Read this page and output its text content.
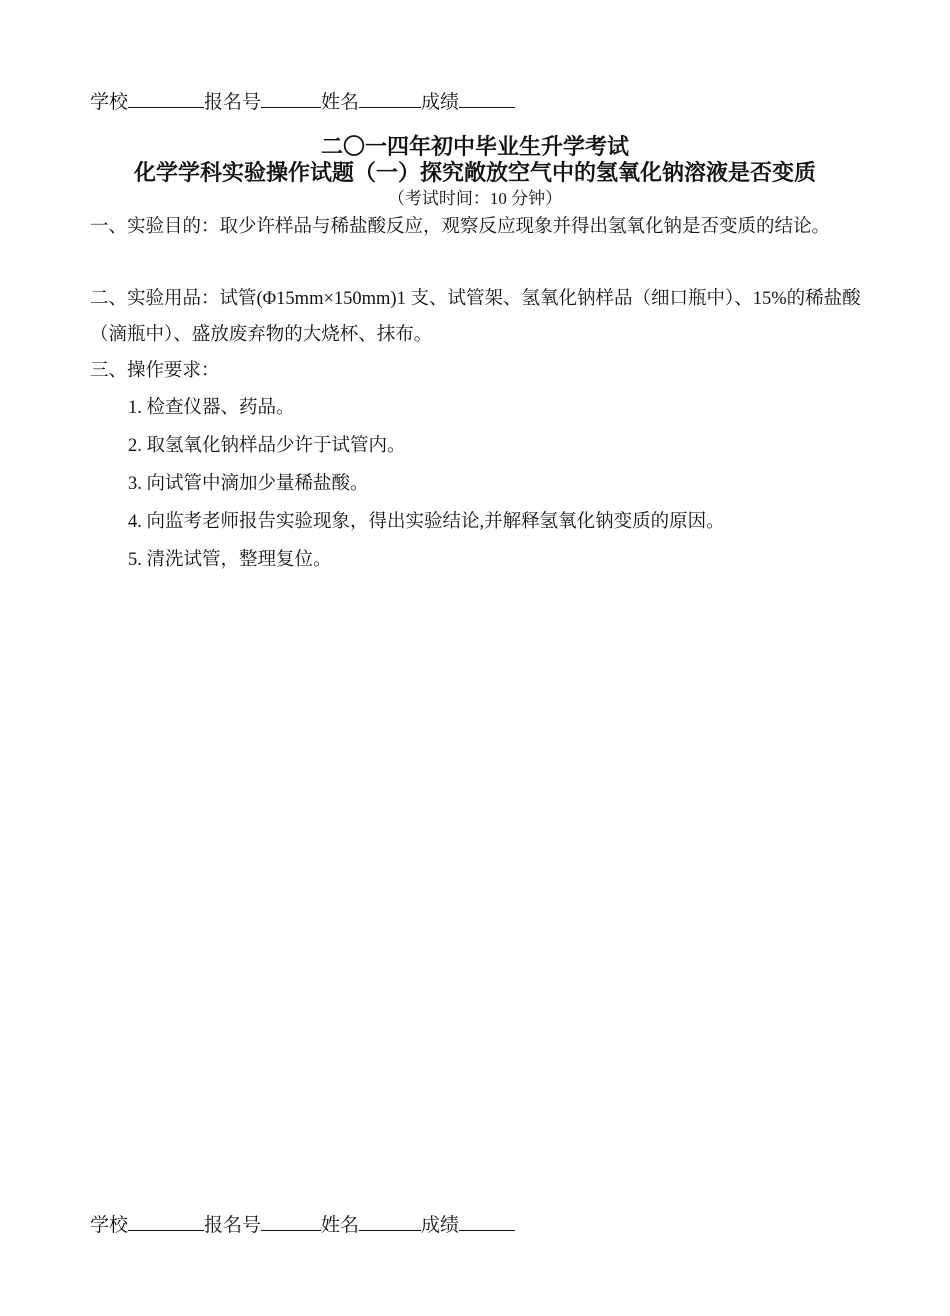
学校	报名号	姓名	成绩
二〇一四年初中毕业生升学考试
化学学科实验操作试题（一）探究敞放空气中的氢氧化钠溶液是否变质
（考试时间：10 分钟）
一、实验目的：取少许样品与稀盐酸反应，观察反应现象并得出氢氧化钠是否变质的结论。
二、实验用品：试管(Φ15mm×150mm)1 支、试管架、氢氧化钠样品（细口瓶中）、15%的稀盐酸（滴瓶中）、盛放废弃物的大烧杯、抹布。
三、操作要求：
1. 检查仪器、药品。
2. 取氢氧化钠样品少许于试管内。
3. 向试管中滴加少量稀盐酸。
4. 向监考老师报告实验现象，得出实验结论,并解释氢氧化钠变质的原因。
5. 清洗试管，整理复位。
学校	报名号	姓名	成绩
